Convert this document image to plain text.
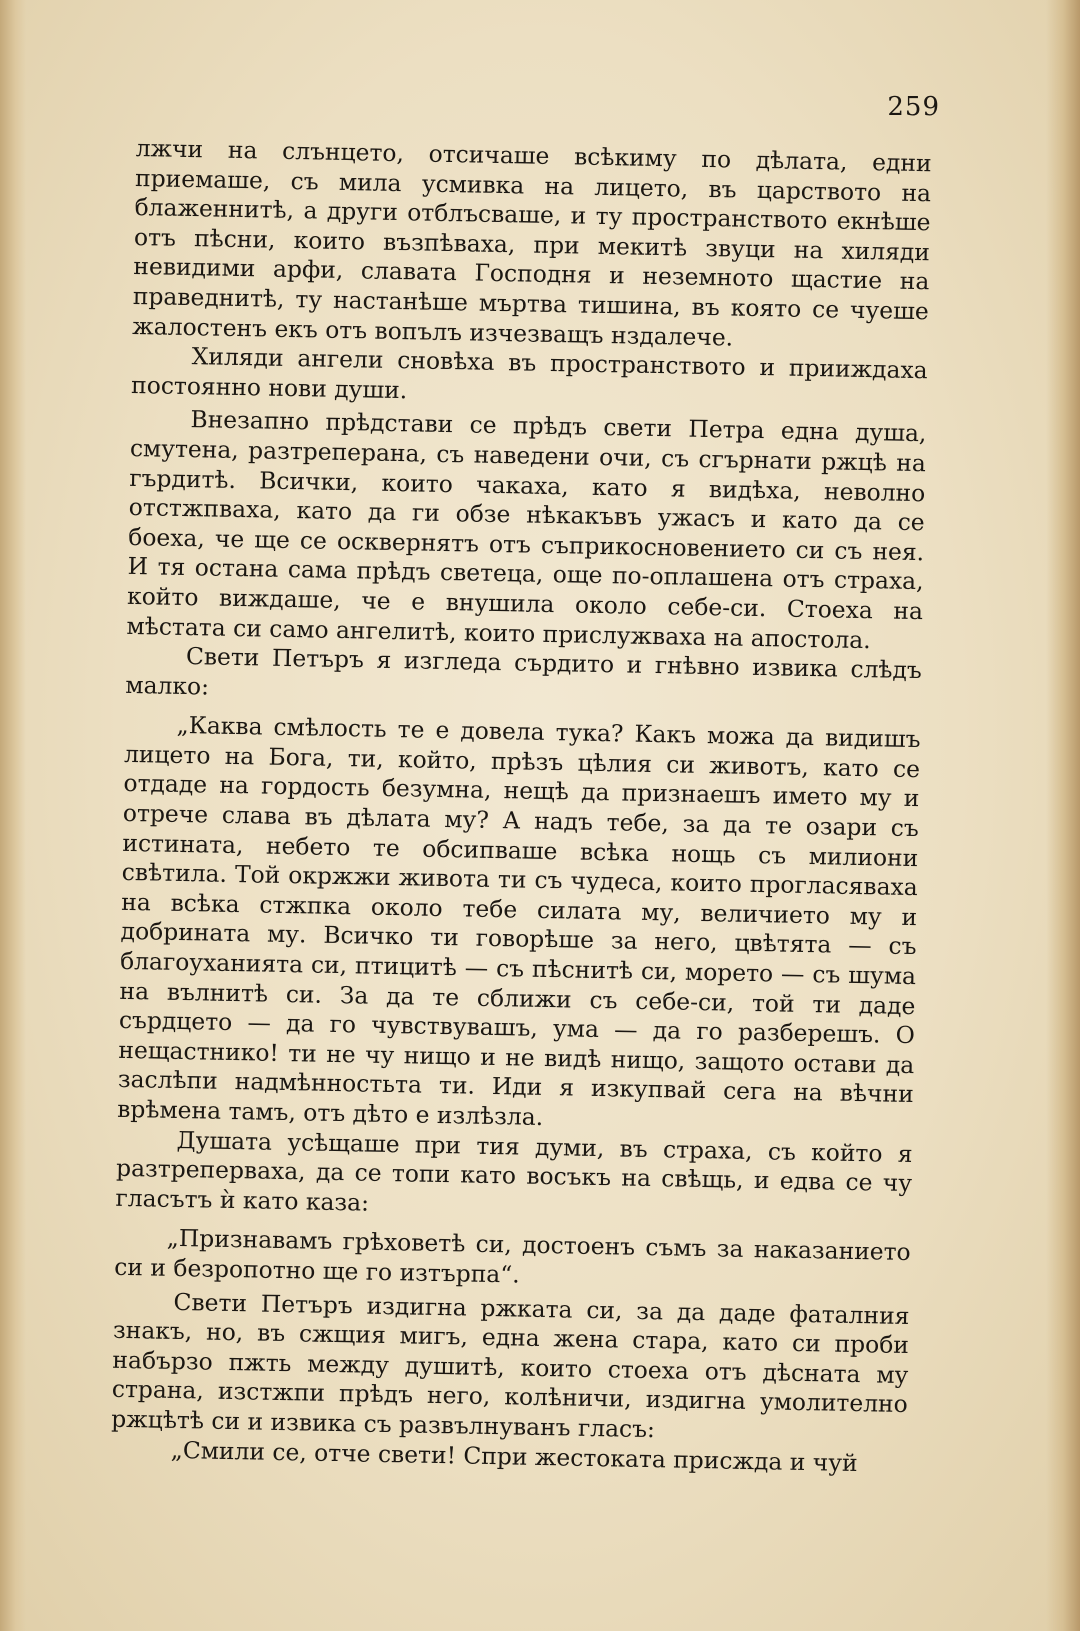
259

лжчи на слънцето, отсичаше всѣкиму по дѣлата, едни приемаше, съ мила усмивка на лицето, въ царството на блаженнитѣ, а други отблъсваше, и ту пространството екнѣше отъ пѣсни, които възпѣваха, при мекитѣ звуци на хиляди невидими арфи, славата Господня и неземното щастие на праведнитѣ, ту настанѣше мъртва тишина, въ която се чуеше жалостенъ екъ отъ вопълъ изчезващъ нздалече.

Хиляди ангели сновѣха въ пространството и прииждаха постоянно нови души.

Внезапно прѣдстави се прѣдъ свети Петра една душа, смутена, разтреперана, съ наведени очи, съ сгърнати ржцѣ на гърдитѣ. Всички, които чакаха, като я видѣха, неволно отстжпваха, като да ги обзе нѣкакъвъ ужасъ и като да се боеха, че ще се осквернятъ отъ съприкосновението си съ нея. И тя остана сама прѣдъ светеца, още по-оплашена отъ страха, който виждаше, че е внушила около себе-си. Стоеха на мѣстата си само ангелитѣ, които прислужваха на апостола.

Свети Петъръ я изгледа сърдито и гнѣвно извика слѣдъ малко:

„Каква смѣлость те е довела тука? Какъ можа да видишъ лицето на Бога, ти, който, прѣзъ цѣлия си животъ, като се отдаде на гордость безумна, нещѣ да признаешъ името му и отрече слава въ дѣлата му? А надъ тебе, за да те озари съ истината, небето те обсипваше всѣка нощь съ милиони свѣтила. Той окржжи живота ти съ чудеса, които прогласяваха на всѣка стжпка около тебе силата му, величието му и добрината му. Всичко ти говорѣше за него, цвѣтята — съ благоуханията си, птицитѣ — съ пѣснитѣ си, морето — съ шума на вълнитѣ си. За да те сближи съ себе-си, той ти даде сърдцето — да го чувствувашъ, ума — да го разберешъ. О нещастнико! ти не чу нищо и не видѣ нищо, защото остави да заслѣпи надмѣнностьта ти. Иди я изкупвай сега на вѣчни врѣмена тамъ, отъ дѣто е излѣзла.

Душата усѣщаше при тия думи, въ страха, съ който я разтреперваха, да се топи като восъкъ на свѣщь, и едва се чу гласътъ ѝ като каза:

„Признавамъ грѣховетѣ си, достоенъ съмъ за наказанието си и безропотно ще го изтърпа“.

Свети Петъръ издигна ржката си, за да даде фаталния знакъ, но, въ сжщия мигъ, една жена стара, като си проби набързо пжть между душитѣ, които стоеха отъ дѣсната му страна, изстжпи прѣдъ него, колѣничи, издигна умолително ржцѣтѣ си и извика съ развълнуванъ гласъ:

„Смили се, отче свети! Спри жестоката присжда и чуй
